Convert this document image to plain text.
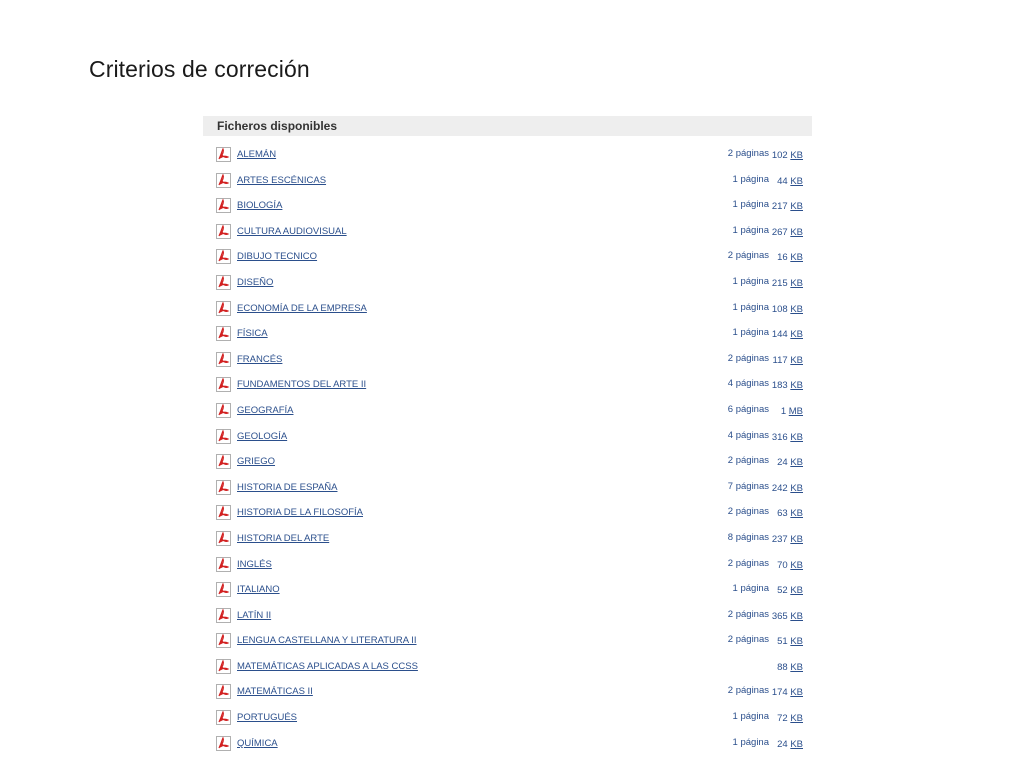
Criterios de correción
Ficheros disponibles
ALEMÁN	2 páginas 102 KB
ARTES ESCÉNICAS	1 página 44 KB
BIOLOGÍA	1 página 217 KB
CULTURA AUDIOVISUAL	1 página 267 KB
DIBUJO TECNICO	2 páginas 16 KB
DISEÑO	1 página 215 KB
ECONOMÍA DE LA EMPRESA	1 página 108 KB
FÍSICA	1 página 144 KB
FRANCÉS	2 páginas 117 KB
FUNDAMENTOS DEL ARTE II	4 páginas 183 KB
GEOGRAFÍA	6 páginas 1 MB
GEOLOGÍA	4 páginas 316 KB
GRIEGO	2 páginas 24 KB
HISTORIA DE ESPAÑA	7 páginas 242 KB
HISTORIA DE LA FILOSOFÍA	2 páginas 63 KB
HISTORIA DEL ARTE	8 páginas 237 KB
INGLÉS	2 páginas 70 KB
ITALIANO	1 página 52 KB
LATÍN II	2 páginas 365 KB
LENGUA CASTELLANA Y LITERATURA II	2 páginas 51 KB
MATEMÁTICAS APLICADAS A LAS CCSS	88 KB
MATEMÁTICAS II	2 páginas 174 KB
PORTUGUÉS	1 página 72 KB
QUÍMICA	1 página 24 KB
